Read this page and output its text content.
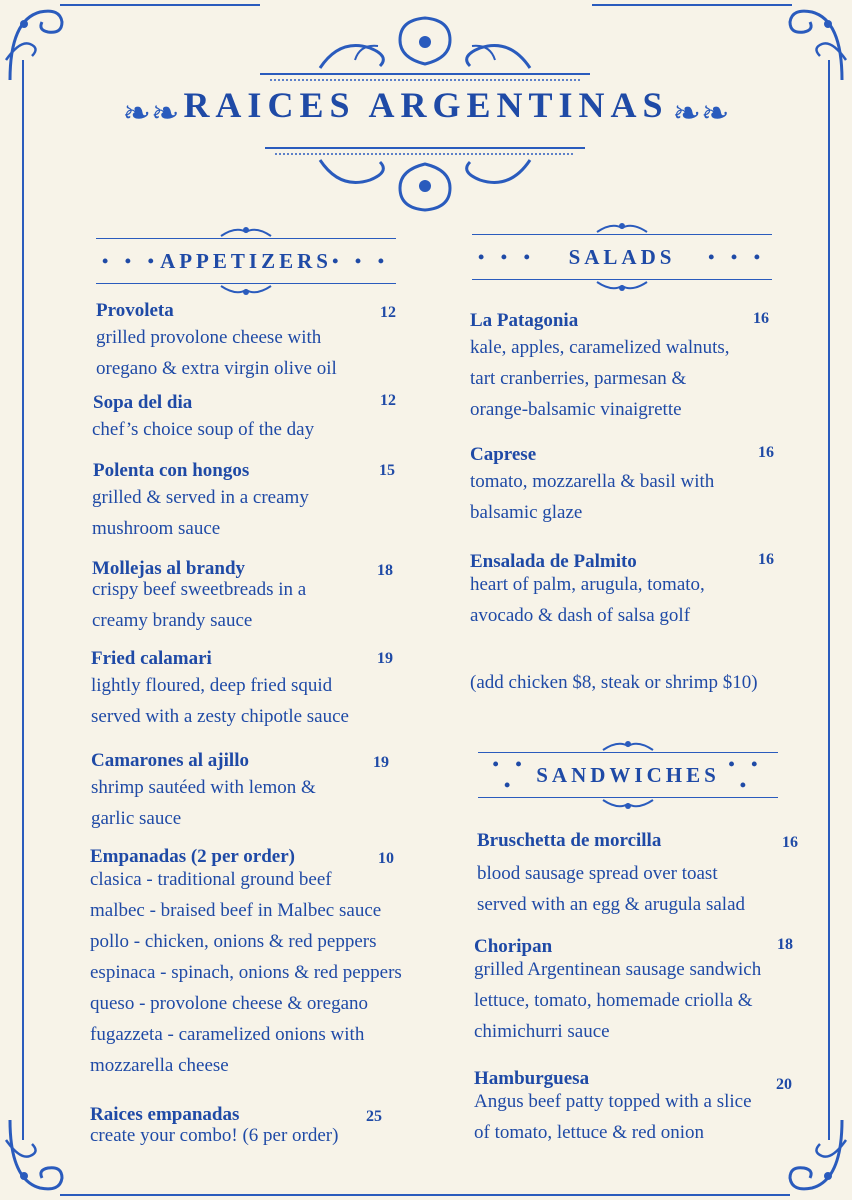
❧❧ RAICES ARGENTINAS ❧❧
• • • APPETIZERS • • •	• • • SALADS • • •
• • • SANDWICHES • • •
Provoleta	12
grilled provolone cheese with
oregano & extra virgin olive oil
Sopa del dia	12
chef’s choice soup of the day
Polenta con hongos	15
grilled & served in a creamy
mushroom sauce
Mollejas al brandy	18
crispy beef sweetbreads in a
creamy brandy sauce
Fried calamari	19
lightly floured, deep fried squid
served with a zesty chipotle sauce
Camarones al ajillo	19
shrimp sautéed with lemon &
garlic sauce
Empanadas (2 per order)	10
clasica - traditional ground beef
malbec - braised beef in Malbec sauce
pollo - chicken, onions & red peppers
espinaca - spinach, onions & red peppers
queso - provolone cheese & oregano
fugazzeta - caramelized onions with
mozzarella cheese
Raices empanadas	25
create your combo! (6 per order)
La Patagonia	16
kale, apples, caramelized walnuts,
tart cranberries, parmesan &
orange-balsamic vinaigrette
Caprese	16
tomato, mozzarella & basil with
balsamic glaze
Ensalada de Palmito	16
heart of palm, arugula, tomato,
avocado & dash of salsa golf
(add chicken $8, steak or shrimp $10)
Bruschetta de morcilla	16
blood sausage spread over toast
served with an egg & arugula salad
Choripan	18
grilled Argentinean sausage sandwich
lettuce, tomato, homemade criolla &
chimichurri sauce
Hamburguesa	20
Angus beef patty topped with a slice
of tomato, lettuce & red onion
